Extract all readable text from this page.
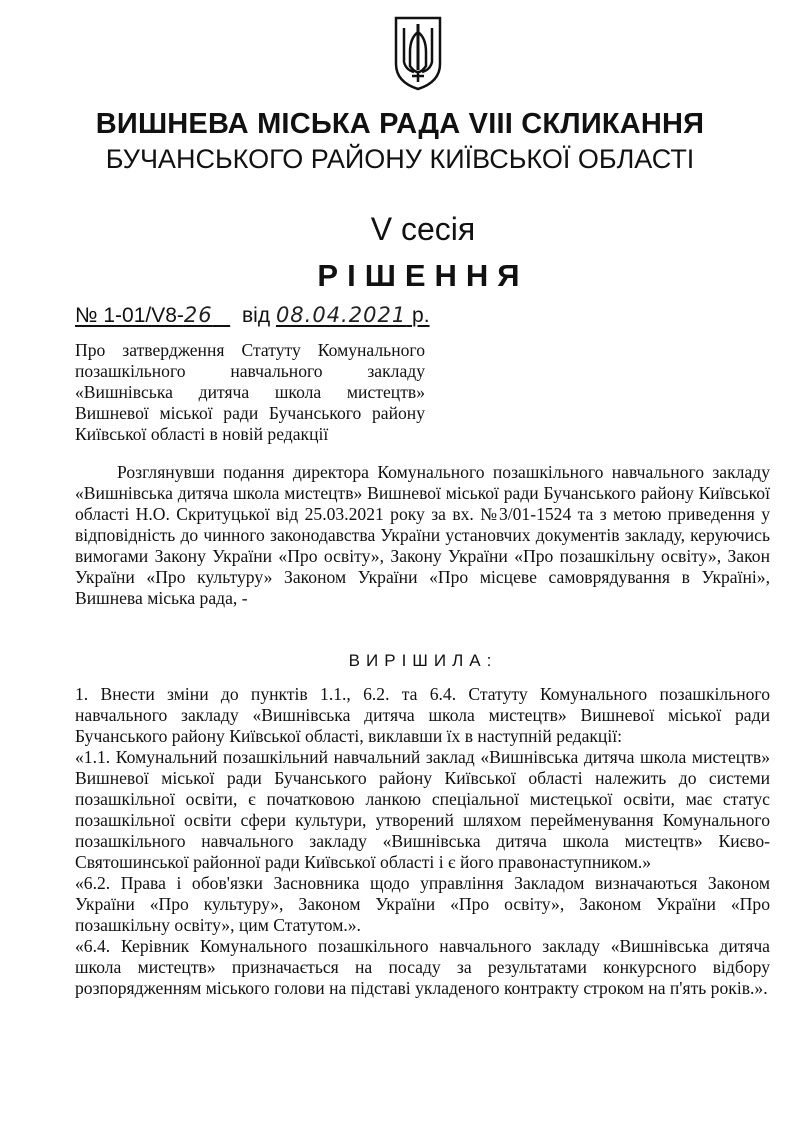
ВИШНЕВА МІСЬКА РАДА VIII СКЛИКАННЯ
БУЧАНСЬКОГО РАЙОНУ КИЇВСЬКОЇ ОБЛАСТІ
V сесія
РІШЕННЯ
№ 1-01/V8-26 від 08.04.2021 р.
Про затвердження Статуту Комунального позашкільного навчального закладу «Вишнівська дитяча школа мистецтв» Вишневої міської ради Бучанського району Київської області в новій редакції
Розглянувши подання директора Комунального позашкільного навчального закладу «Вишнівська дитяча школа мистецтв» Вишневої міської ради Бучанського району Київської області Н.О. Скритуцької від 25.03.2021 року за вх. №3/01-1524 та з метою приведення у відповідність до чинного законодавства України установчих документів закладу, керуючись вимогами Закону України «Про освіту», Закону України «Про позашкільну освіту», Закон України «Про культуру» Законом України «Про місцеве самоврядування в Україні», Вишнева міська рада, -
ВИРІШИЛА:

1. Внести зміни до пунктів 1.1., 6.2. та 6.4. Статуту Комунального позашкільного навчального закладу «Вишнівська дитяча школа мистецтв» Вишневої міської ради Бучанського району Київської області, виклавши їх в наступній редакції:

«1.1. Комунальний позашкільний навчальний заклад «Вишнівська дитяча школа мистецтв» Вишневої міської ради Бучанського району Київської області належить до системи позашкільної освіти, є початковою ланкою спеціальної мистецької освіти, має статус позашкільної освіти сфери культури, утворений шляхом перейменування Комунального позашкільного навчального закладу «Вишнівська дитяча школа мистецтв» Києво-Святошинської районної ради Київської області і є його правонаступником.»

«6.2. Права і обов'язки Засновника щодо управління Закладом визначаються Законом України «Про культуру», Законом України «Про освіту», Законом України «Про позашкільну освіту», цим Статутом.».

«6.4. Керівник Комунального позашкільного навчального закладу «Вишнівська дитяча школа мистецтв» призначається на посаду за результатами конкурсного відбору розпорядженням міського голови на підставі укладеного контракту строком на п'ять років.».
